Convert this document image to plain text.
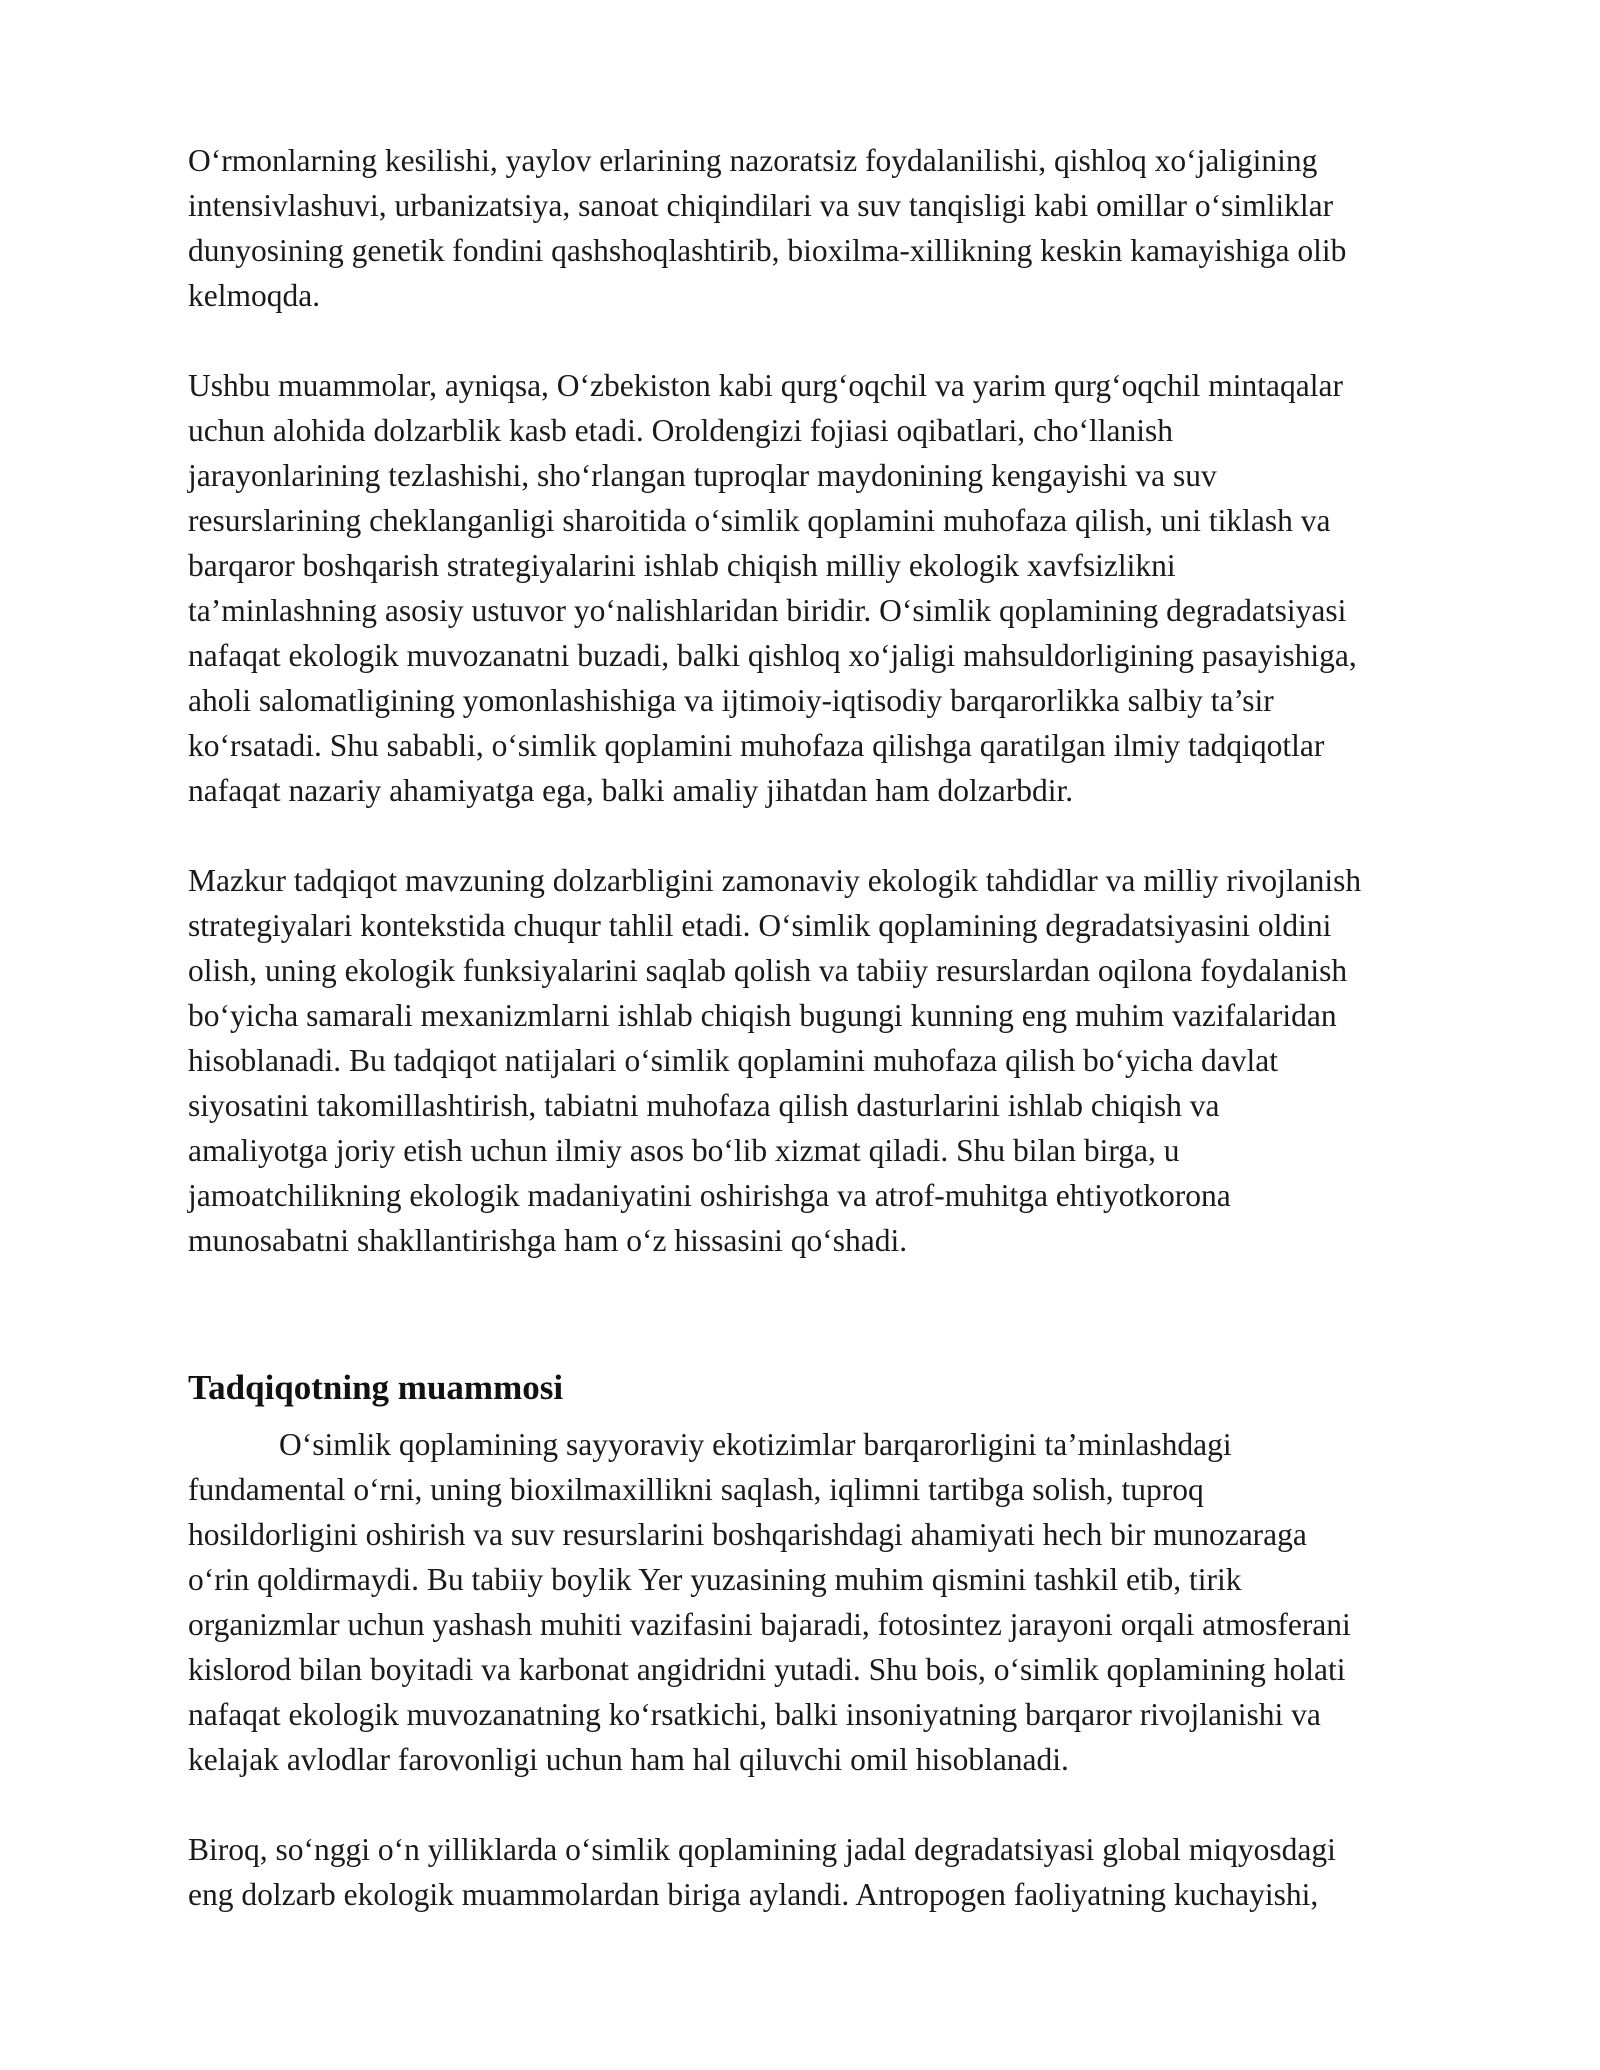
O‘rmonlarning kesilishi, yaylov erlarining nazoratsiz foydalanilishi, qishloq xo‘jaligining
intensivlashuvi, urbanizatsiya, sanoat chiqindilari va suv tanqisligi kabi omillar o‘simliklar
dunyosining genetik fondini qashshoqlashtirib, bioxilma-xillikning keskin kamayishiga olib
kelmoqda.

Ushbu muammolar, ayniqsa, O‘zbekiston kabi qurg‘oqchil va yarim qurg‘oqchil mintaqalar
uchun alohida dolzarblik kasb etadi. Oroldengizi fojiasi oqibatlari, cho‘llanish
jarayonlarining tezlashishi, sho‘rlangan tuproqlar maydonining kengayishi va suv
resurslarining cheklanganligi sharoitida o‘simlik qoplamini muhofaza qilish, uni tiklash va
barqaror boshqarish strategiyalarini ishlab chiqish milliy ekologik xavfsizlikni
ta’minlashning asosiy ustuvor yo‘nalishlaridan biridir. O‘simlik qoplamining degradatsiyasi
nafaqat ekologik muvozanatni buzadi, balki qishloq xo‘jaligi mahsuldorligining pasayishiga,
aholi salomatligining yomonlashishiga va ijtimoiy-iqtisodiy barqarorlikka salbiy ta’sir
ko‘rsatadi. Shu sababli, o‘simlik qoplamini muhofaza qilishga qaratilgan ilmiy tadqiqotlar
nafaqat nazariy ahamiyatga ega, balki amaliy jihatdan ham dolzarbdir.

Mazkur tadqiqot mavzuning dolzarbligini zamonaviy ekologik tahdidlar va milliy rivojlanish
strategiyalari kontekstida chuqur tahlil etadi. O‘simlik qoplamining degradatsiyasini oldini
olish, uning ekologik funksiyalarini saqlab qolish va tabiiy resurslardan oqilona foydalanish
bo‘yicha samarali mexanizmlarni ishlab chiqish bugungi kunning eng muhim vazifalaridan
hisoblanadi. Bu tadqiqot natijalari o‘simlik qoplamini muhofaza qilish bo‘yicha davlat
siyosatini takomillashtirish, tabiatni muhofaza qilish dasturlarini ishlab chiqish va
amaliyotga joriy etish uchun ilmiy asos bo‘lib xizmat qiladi. Shu bilan birga, u
jamoatchilikning ekologik madaniyatini oshirishga va atrof-muhitga ehtiyotkorona
munosabatni shakllantirishga ham o‘z hissasini qo‘shadi.

Tadqiqotning muammosi

O‘simlik qoplamining sayyoraviy ekotizimlar barqarorligini ta’minlashdagi
fundamental o‘rni, uning bioxilmaxillikni saqlash, iqlimni tartibga solish, tuproq
hosildorligini oshirish va suv resurslarini boshqarishdagi ahamiyati hech bir munozaraga
o‘rin qoldirmaydi. Bu tabiiy boylik Yer yuzasining muhim qismini tashkil etib, tirik
organizmlar uchun yashash muhiti vazifasini bajaradi, fotosintez jarayoni orqali atmosferani
kislorod bilan boyitadi va karbonat angidridni yutadi. Shu bois, o‘simlik qoplamining holati
nafaqat ekologik muvozanatning ko‘rsatkichi, balki insoniyatning barqaror rivojlanishi va
kelajak avlodlar farovonligi uchun ham hal qiluvchi omil hisoblanadi.

Biroq, so‘nggi o‘n yilliklarda o‘simlik qoplamining jadal degradatsiyasi global miqyosdagi
eng dolzarb ekologik muammolardan biriga aylandi. Antropogen faoliyatning kuchayishi,
